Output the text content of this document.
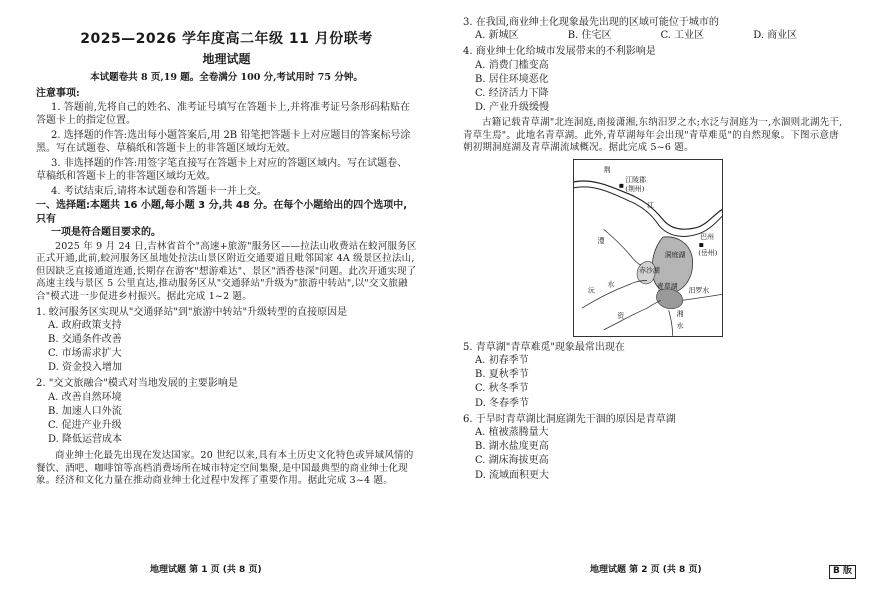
2025—2026 学年度高二年级 11 月份联考
地理试题
本试题卷共 8 页,19 题。全卷满分 100 分,考试用时 75 分钟。
注意事项:

1. 答题前,先将自己的姓名、准考证号填写在答题卡上,并将准考证号条形码粘贴在答题卡上的指定位置。

2. 选择题的作答:选出每小题答案后,用 2B 铅笔把答题卡上对应题目的答案标号涂黑。写在试题卷、草稿纸和答题卡上的非答题区域均无效。

3. 非选择题的作答:用签字笔直接写在答题卡上对应的答题区域内。写在试题卷、草稿纸和答题卡上的非答题区域均无效。

4. 考试结束后,请将本试题卷和答题卡一并上交。

一、选择题:本题共 16 小题,每小题 3 分,共 48 分。在每个小题给出的四个选项中,只有
一项是符合题目要求的。

2025 年 9 月 24 日,吉林省首个"高速+旅游"服务区——拉法山收费站在蛟河服务区正式开通,此前,蛟河服务区虽地处拉法山景区附近交通要道且毗邻国家 4A 级景区拉法山,但因缺乏直接通道连通,长期存在游客"想游难达"、景区"酒香巷深"问题。此次开通实现了高速主线与景区 5 公里直达,推动服务区从"交通驿站"升级为"旅游中转站",以"交文旅融合"模式进一步促进乡村振兴。据此完成 1~2 题。

1. 蛟河服务区实现从"交通驿站"到"旅游中转站"升级转型的直接原因是
A. 政府政策支持
B. 交通条件改善
C. 市场需求扩大
D. 资金投入增加
2. "交文旅融合"模式对当地发展的主要影响是
A. 改善自然环境
B. 加速人口外流
C. 促进产业升级
D. 降低运营成本

商业绅士化最先出现在发达国家。20 世纪以来,具有本土历史文化特色或异域风情的餐饮、酒吧、咖啡馆等高档消费场所在城市特定空间集聚,是中国最典型的商业绅士化现象。经济和文化力量在推动商业绅士化过程中发挥了重要作用。据此完成 3~4 题。

3. 在我国,商业绅士化现象最先出现的区域可能位于城市的
A. 新城区	B. 住宅区	C. 工业区	D. 商业区
4. 商业绅士化给城市发展带来的不利影响是
A. 消费门槛变高
B. 居住环境恶化
C. 经济活力下降
D. 产业升级缓慢

古籍记载青草湖"北连洞庭,南接潇湘,东纳汨罗之水;水泛与洞庭为一,水涸则北湖先干,青草生焉"。此地名青草湖。此外,青草湖每年会出现"青草难觅"的自然现象。下图示意唐朝初期洞庭湖及青草湖流域概况。据此完成 5~6 题。

荆
江陵郡
(荆州)
江
澧
洞庭湖
巴州
(岳州)
赤沙湖
青草湖 汨罗水
沅
水
资	湘
水
5. 青草湖"青草难觅"现象最常出现在
A. 初春季节
B. 夏秋季节
C. 秋冬季节
D. 冬春季节
6. 于旱时青草湖比洞庭湖先干涸的原因是青草湖
A. 植被蒸腾量大
B. 湖水盐度更高
C. 湖床海拔更高
D. 流域面积更大
地理试题 第 1 页 (共 8 页)	地理试题 第 2 页 (共 8 页)	B 版
